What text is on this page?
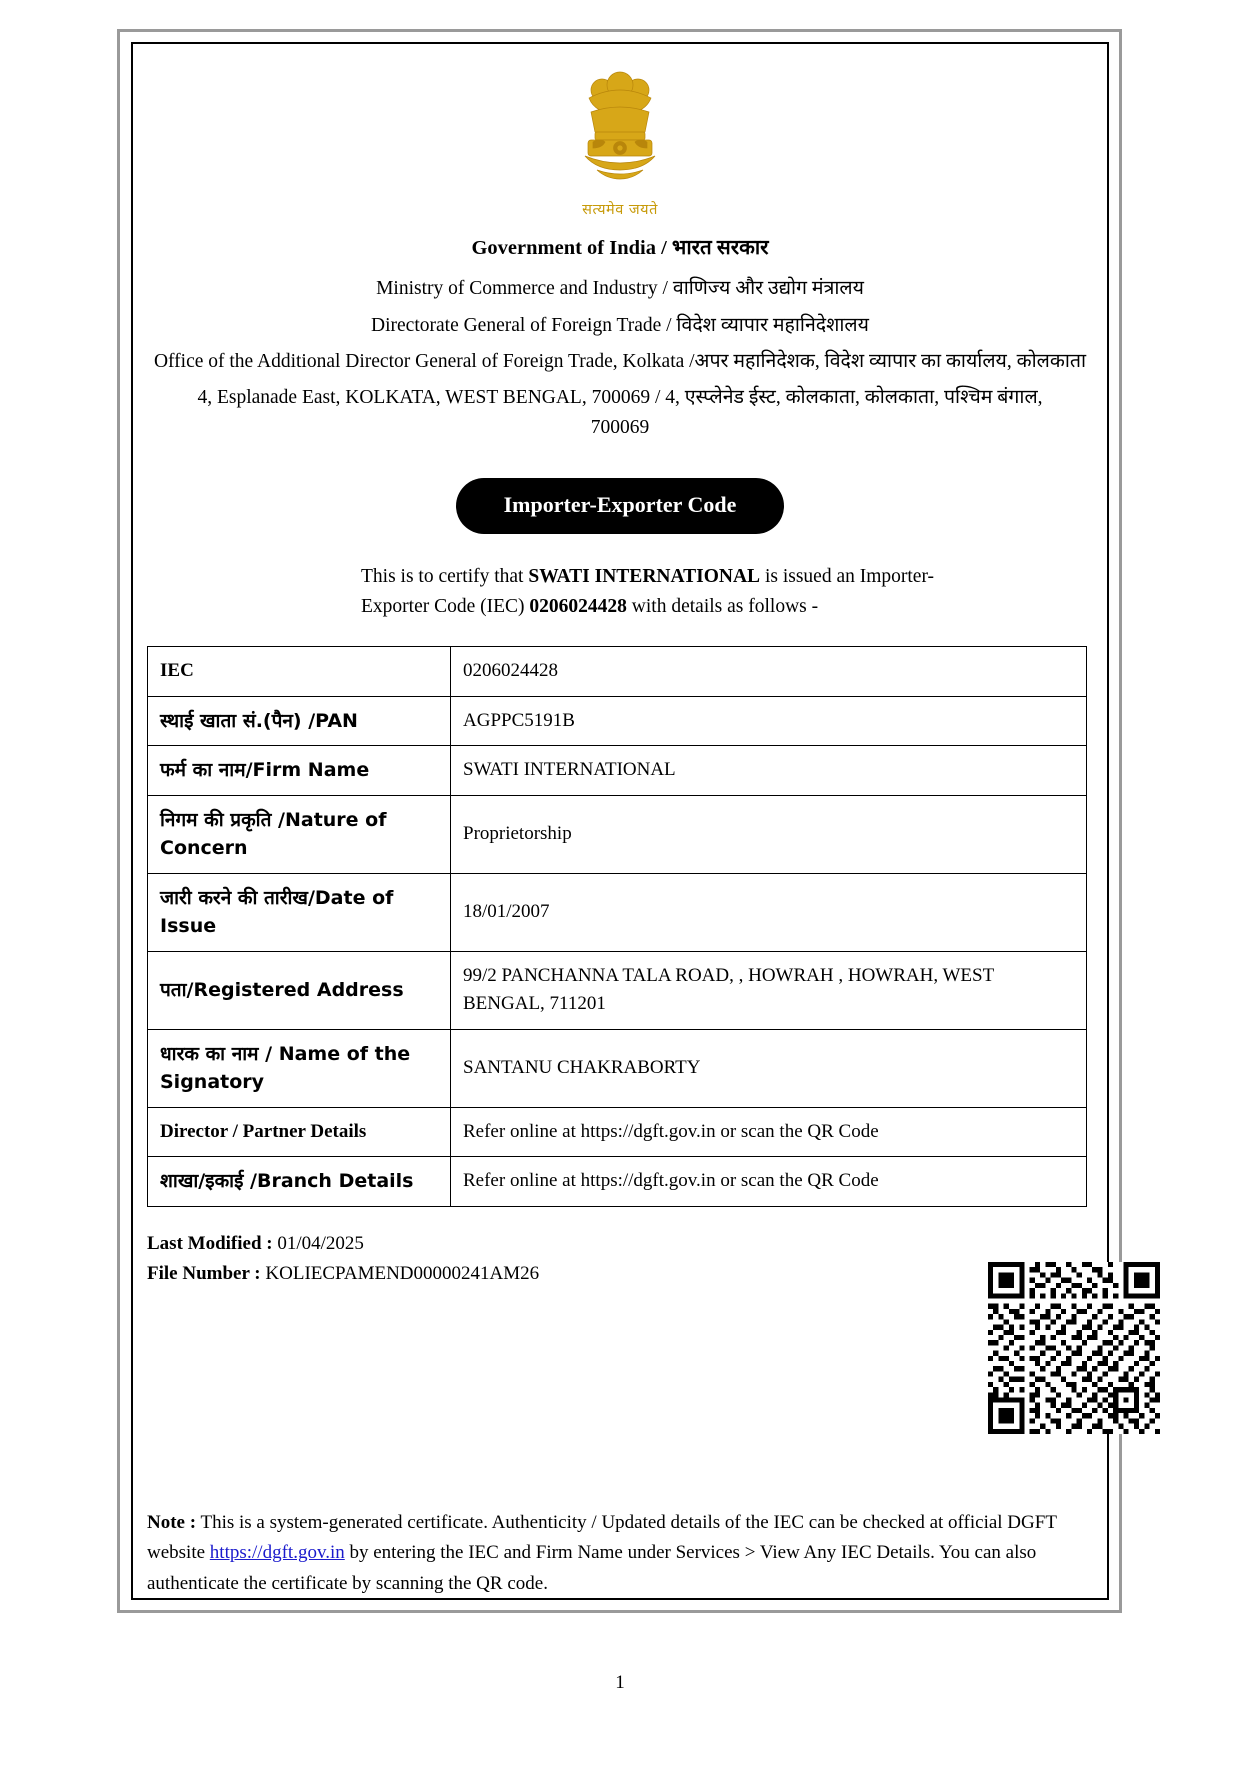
सत्यमेव जयते
Government of India / भारत सरकार
Ministry of Commerce and Industry / वाणिज्य और उद्योग मंत्रालय
Directorate General of Foreign Trade / विदेश व्यापार महानिदेशालय
Office of the Additional Director General of Foreign Trade, Kolkata /अपर महानिदेशक, विदेश व्यापार का कार्यालय, कोलकाता
4, Esplanade East, KOLKATA, WEST BENGAL, 700069 / 4, एस्प्लेनेड ईस्ट, कोलकाता, कोलकाता, पश्चिम बंगाल, 700069
Importer-Exporter Code
This is to certify that SWATI INTERNATIONAL is issued an Importer-Exporter Code (IEC) 0206024428 with details as follows -
IEC	0206024428
स्थाई खाता सं.(पैन) /PAN	AGPPC5191B
फर्म का नाम/Firm Name	SWATI INTERNATIONAL
निगम की प्रकृति /Nature of Concern	Proprietorship
जारी करने की तारीख/Date of Issue	18/01/2007
पता/Registered Address	99/2 PANCHANNA TALA ROAD, , HOWRAH , HOWRAH, WEST BENGAL, 711201
धारक का नाम / Name of the Signatory	SANTANU CHAKRABORTY
Director / Partner Details	Refer online at https://dgft.gov.in or scan the QR Code
शाखा/इकाई /Branch Details	Refer online at https://dgft.gov.in or scan the QR Code
Last Modified : 01/04/2025
File Number : KOLIECPAMEND00000241AM26
Note : This is a system-generated certificate. Authenticity / Updated details of the IEC can be checked at official DGFT website https://dgft.gov.in by entering the IEC and Firm Name under Services > View Any IEC Details. You can also authenticate the certificate by scanning the QR code.
1
